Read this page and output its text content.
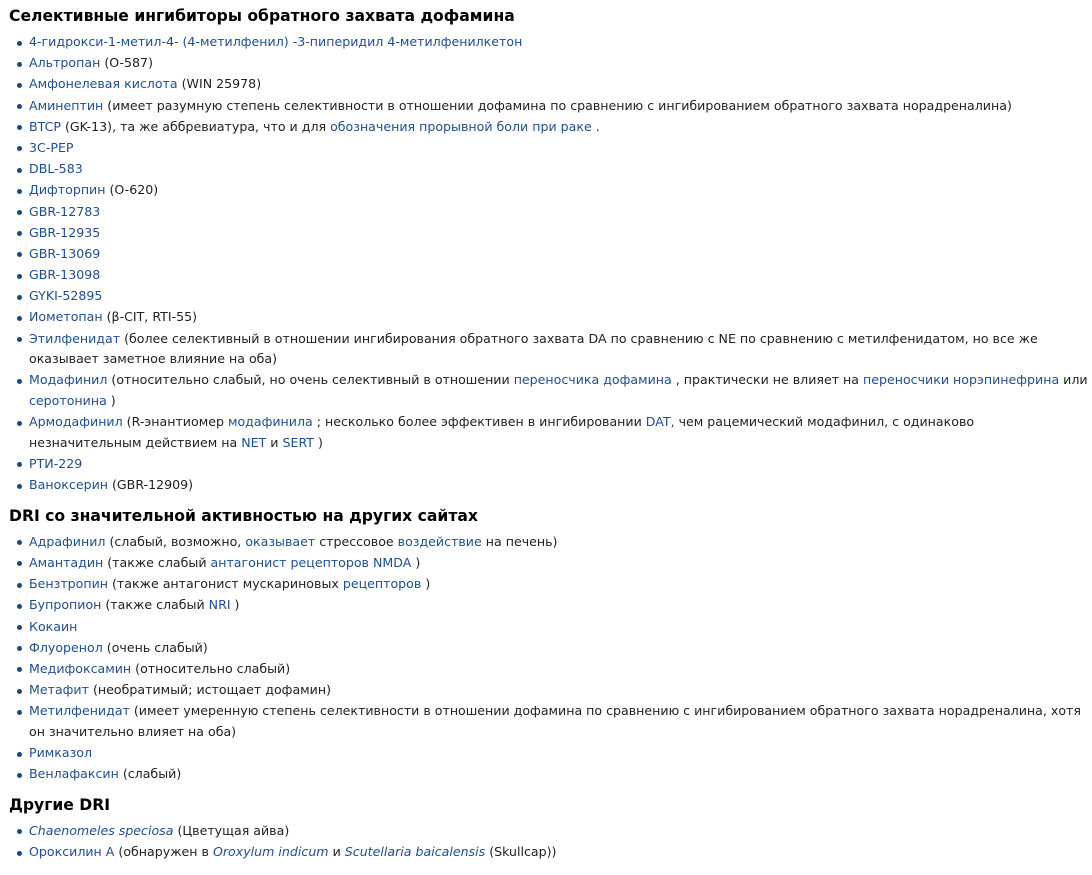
Селективные ингибиторы обратного захвата дофамина
4-гидрокси-1-метил-4- (4-метилфенил) -3-пиперидил 4-метилфенилкетон
Альтропан (O-587)
Амфонелевая кислота (WIN 25978)
Аминептин (имеет разумную степень селективности в отношении дофамина по сравнению с ингибированием обратного захвата норадреналина)
BTCP (GK-13), та же аббревиатура, что и для обозначения прорывной боли при раке .
3C-PEP
DBL-583
Дифторпин (O-620)
GBR-12783
GBR-12935
GBR-13069
GBR-13098
GYKI-52895
Иометопан (β-CIT, RTI-55)
Этилфенидат (более селективный в отношении ингибирования обратного захвата DA по сравнению с NE по сравнению с метилфенидатом, но все же оказывает заметное влияние на оба)
Модафинил (относительно слабый, но очень селективный в отношении переносчика дофамина , практически не влияет на переносчики норэпинефрина или серотонина )
Армодафинил (R-энантиомер модафинила ; несколько более эффективен в ингибировании DAT, чем рацемический модафинил, с одинаково незначительным действием на NET и SERT )
РТИ-229
Ваноксерин (GBR-12909)
DRI со значительной активностью на других сайтах
Адрафинил (слабый, возможно, оказывает стрессовое воздействие на печень)
Амантадин (также слабый антагонист рецепторов NMDA )
Бензтропин (также антагонист мускариновых рецепторов )
Бупропион (также слабый NRI )
Кокаин
Флуоренол (очень слабый)
Медифоксамин (относительно слабый)
Метафит (необратимый; истощает дофамин)
Метилфенидат (имеет умеренную степень селективности в отношении дофамина по сравнению с ингибированием обратного захвата норадреналина, хотя он значительно влияет на оба)
Римказол
Венлафаксин (слабый)
Другие DRI
Chaenomeles speciosa (Цветущая айва)
Ороксилин А (обнаружен в Oroxylum indicum и Scutellaria baicalensis (Skullcap))
